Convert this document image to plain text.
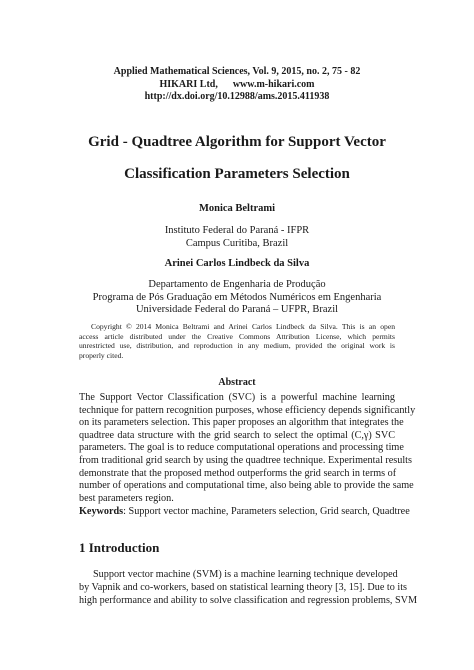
Applied Mathematical Sciences, Vol. 9, 2015, no. 2, 75 - 82
HIKARI Ltd,      www.m-hikari.com
http://dx.doi.org/10.12988/ams.2015.411938
Grid - Quadtree Algorithm for Support Vector
Classification Parameters Selection
Monica Beltrami
Instituto Federal do Paraná - IFPR
Campus Curitiba, Brazil
Arinei Carlos Lindbeck da Silva
Departamento de Engenharia de Produção
Programa de Pós Graduação em Métodos Numéricos em Engenharia
Universidade Federal do Paraná – UFPR, Brazil
Copyright © 2014 Monica Beltrami and Arinei Carlos Lindbeck da Silva. This is an open
access article distributed under the Creative Commons Attribution License, which permits
unrestricted use, distribution, and reproduction in any medium, provided the original work is
properly cited.
Abstract
The Support Vector Classification (SVC) is a powerful machine learning
technique for pattern recognition purposes, whose efficiency depends significantly
on its parameters selection. This paper proposes an algorithm that integrates the
quadtree data structure with the grid search to select the optimal (C,γ) SVC
parameters. The goal is to reduce computational operations and processing time
from traditional grid search by using the quadtree technique. Experimental results
demonstrate that the proposed method outperforms the grid search in terms of
number of operations and computational time, also being able to provide the same
best parameters region.
Keywords: Support vector machine, Parameters selection, Grid search, Quadtree
1 Introduction
Support vector machine (SVM) is a machine learning technique developed
by Vapnik and co-workers, based on statistical learning theory [3, 15]. Due to its
high performance and ability to solve classification and regression problems, SVM
